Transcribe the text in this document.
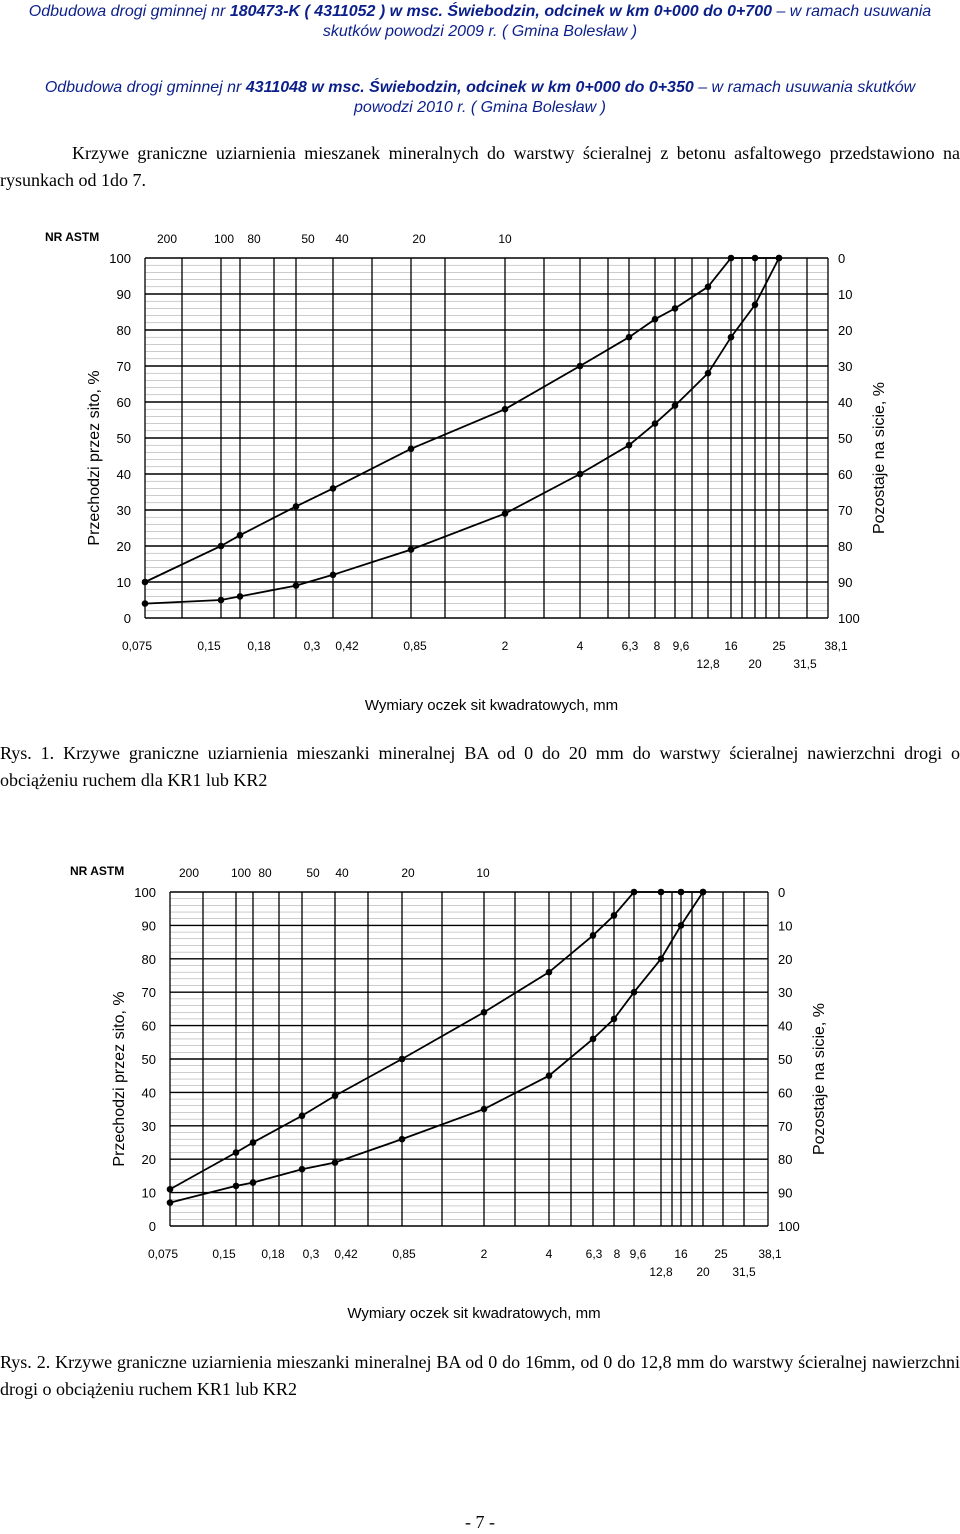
Odbudowa drogi gminnej nr 180473-K ( 4311052 ) w msc. Świebodzin, odcinek w km 0+000 do 0+700 – w ramach usuwania
skutków powodzi 2009 r. ( Gmina Bolesław )
Odbudowa drogi gminnej nr 4311048 w msc. Świebodzin, odcinek w km 0+000 do 0+350 – w ramach usuwania skutków
powodzi 2010 r. ( Gmina Bolesław )
Krzywe graniczne uziarnienia mieszanek mineralnych do warstwy ścieralnej z betonu asfaltowego przedstawiono na rysunkach od 1do 7.
0
10
20
30
40
50
60
70
80
90
100
100
90
80
70
60
50
40
30
20
10
0
NR ASTM	200	100 80	50 40	20	10
0,075	0,15 0,18	0,3 0,42	0,85	2	4	6,3 8 9,6	16	25	38,1
12,8 20	31,5
Wymiary oczek sit kwadratowych, mm
Przechodzi przez sito, %	Pozostaje na sicie, %
Rys. 1. Krzywe graniczne uziarnienia mieszanki mineralnej BA od 0 do 20 mm do warstwy ścieralnej nawierzchni drogi o obciążeniu ruchem dla KR1 lub KR2
0
10
20
30
40
50
60
70
80
90
100
100
90
80
70
60
50
40
30
20
10
0
NR ASTM	200	100 80	50 40	20	10
0,075	0,15 0,18 0,3 0,42	0,85	2	4	6,3 8 9,6 16 25	38,1
12,8 20 31,5
Wymiary oczek sit kwadratowych, mm
Przechodzi przez sito, %	Pozostaje na sicie, %
Rys. 2. Krzywe graniczne uziarnienia mieszanki mineralnej BA od 0 do 16mm, od 0 do 12,8 mm do warstwy ścieralnej nawierzchni drogi o obciążeniu ruchem KR1 lub KR2
- 7 -
